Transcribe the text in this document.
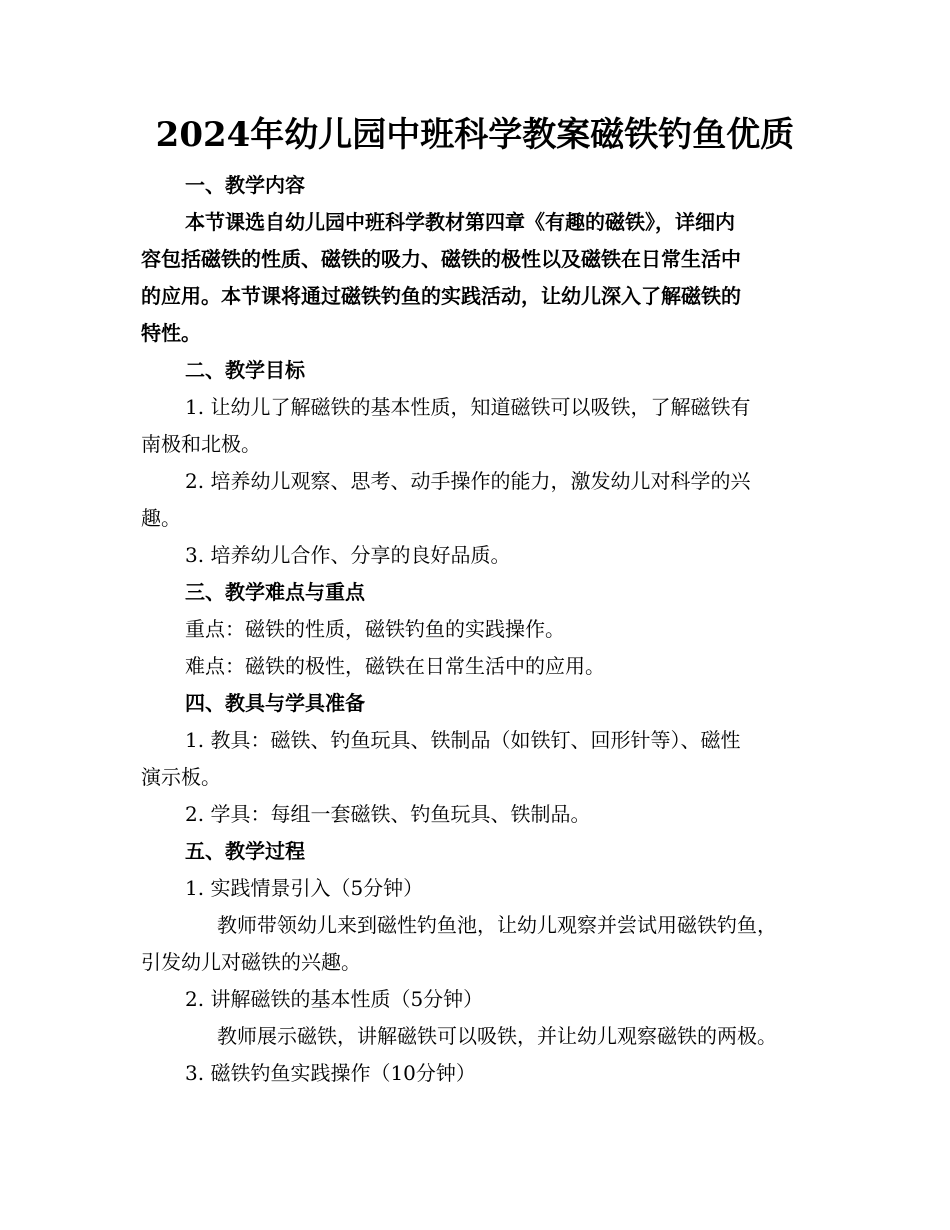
2024年幼儿园中班科学教案磁铁钓鱼优质

一、教学内容

本节课选自幼儿园中班科学教材第四章《有趣的磁铁》，详细内

容包括磁铁的性质、磁铁的吸力、磁铁的极性以及磁铁在日常生活中

的应用。本节课将通过磁铁钓鱼的实践活动，让幼儿深入了解磁铁的

特性。

二、教学目标

1. 让幼儿了解磁铁的基本性质，知道磁铁可以吸铁，了解磁铁有

南极和北极。

2. 培养幼儿观察、思考、动手操作的能力，激发幼儿对科学的兴

趣。

3. 培养幼儿合作、分享的良好品质。

三、教学难点与重点

重点：磁铁的性质，磁铁钓鱼的实践操作。

难点：磁铁的极性，磁铁在日常生活中的应用。

四、教具与学具准备

1. 教具：磁铁、钓鱼玩具、铁制品（如铁钉、回形针等）、磁性

演示板。

2. 学具：每组一套磁铁、钓鱼玩具、铁制品。

五、教学过程

1. 实践情景引入（5分钟）

教师带领幼儿来到磁性钓鱼池，让幼儿观察并尝试用磁铁钓鱼，

引发幼儿对磁铁的兴趣。

2. 讲解磁铁的基本性质（5分钟）

教师展示磁铁，讲解磁铁可以吸铁，并让幼儿观察磁铁的两极。

3. 磁铁钓鱼实践操作（10分钟）
